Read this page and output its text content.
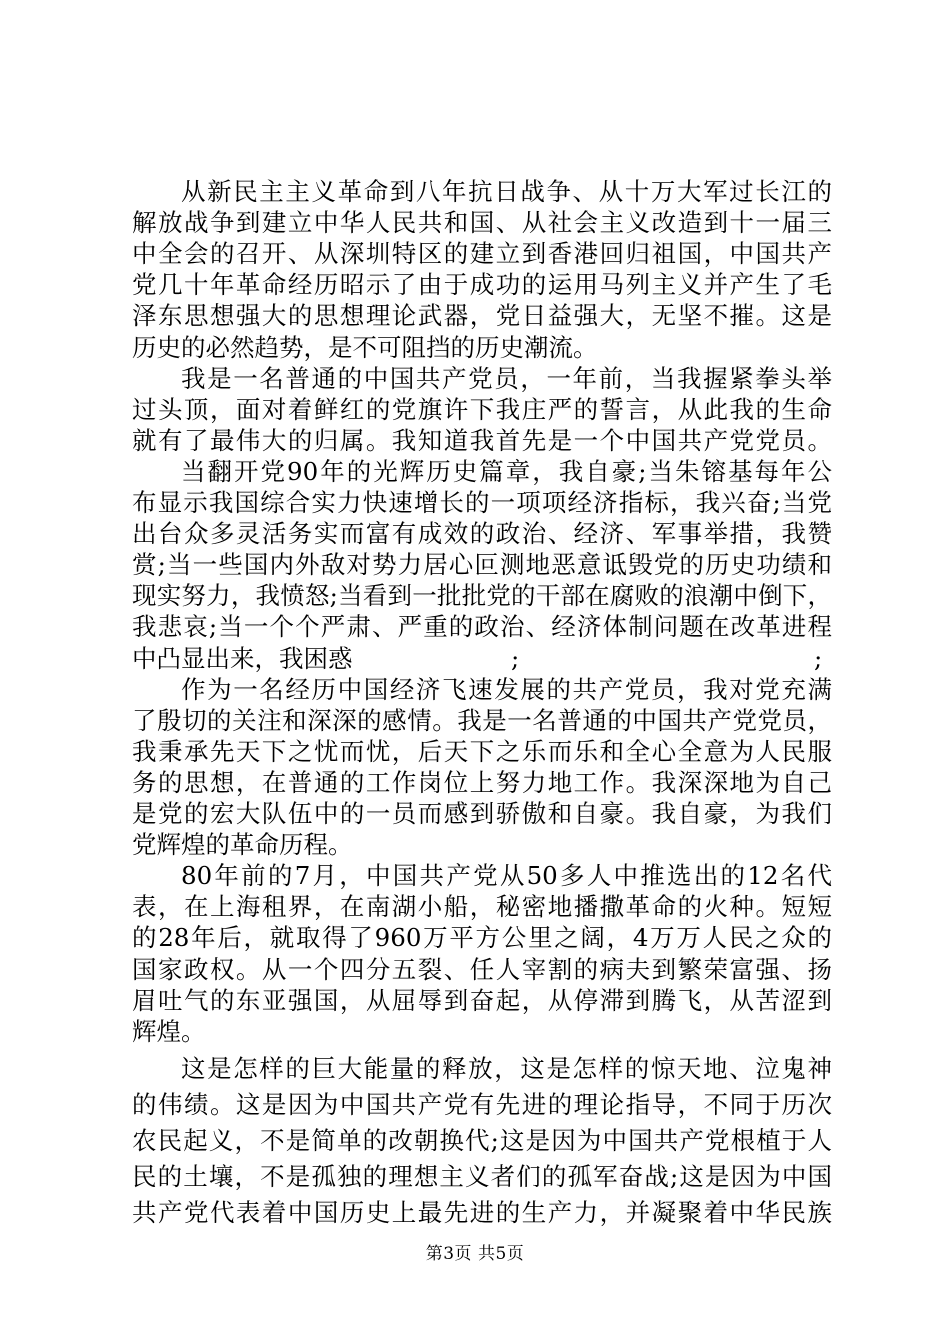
从新民主主义革命到八年抗日战争、从十万大军过长江的
解放战争到建立中华人民共和国、从社会主义改造到十一届三
中全会的召开、从深圳特区的建立到香港回归祖国，中国共产
党几十年革命经历昭示了由于成功的运用马列主义并产生了毛
泽东思想强大的思想理论武器，党日益强大，无坚不摧。这是
历史的必然趋势，是不可阻挡的历史潮流。
我是一名普通的中国共产党员，一年前，当我握紧拳头举
过头顶，面对着鲜红的党旗许下我庄严的誓言，从此我的生命
就有了最伟大的归属。我知道我首先是一个中国共产党党员。
当翻开党90年的光辉历史篇章，我自豪;当朱镕基每年公
布显示我国综合实力快速增长的一项项经济指标，我兴奋;当党
出台众多灵活务实而富有成效的政治、经济、军事举措，我赞
赏;当一些国内外敌对势力居心叵测地恶意诋毁党的历史功绩和
现实努力，我愤怒;当看到一批批党的干部在腐败的浪潮中倒下，
我悲哀;当一个个严肃、严重的政治、经济体制问题在改革进程
中凸显出来，我困惑	;	;
作为一名经历中国经济飞速发展的共产党员，我对党充满
了殷切的关注和深深的感情。我是一名普通的中国共产党党员，
我秉承先天下之忧而忧，后天下之乐而乐和全心全意为人民服
务的思想，在普通的工作岗位上努力地工作。我深深地为自己
是党的宏大队伍中的一员而感到骄傲和自豪。我自豪，为我们
党辉煌的革命历程。
80年前的7月，中国共产党从50多人中推选出的12名代
表，在上海租界，在南湖小船，秘密地播撒革命的火种。短短
的28年后，就取得了960万平方公里之阔，4万万人民之众的
国家政权。从一个四分五裂、任人宰割的病夫到繁荣富强、扬
眉吐气的东亚强国，从屈辱到奋起，从停滞到腾飞，从苦涩到
辉煌。
这是怎样的巨大能量的释放，这是怎样的惊天地、泣鬼神
的伟绩。这是因为中国共产党有先进的理论指导，不同于历次
农民起义，不是简单的改朝换代;这是因为中国共产党根植于人
民的土壤，不是孤独的理想主义者们的孤军奋战;这是因为中国
共产党代表着中国历史上最先进的生产力，并凝聚着中华民族
第3页 共5页
